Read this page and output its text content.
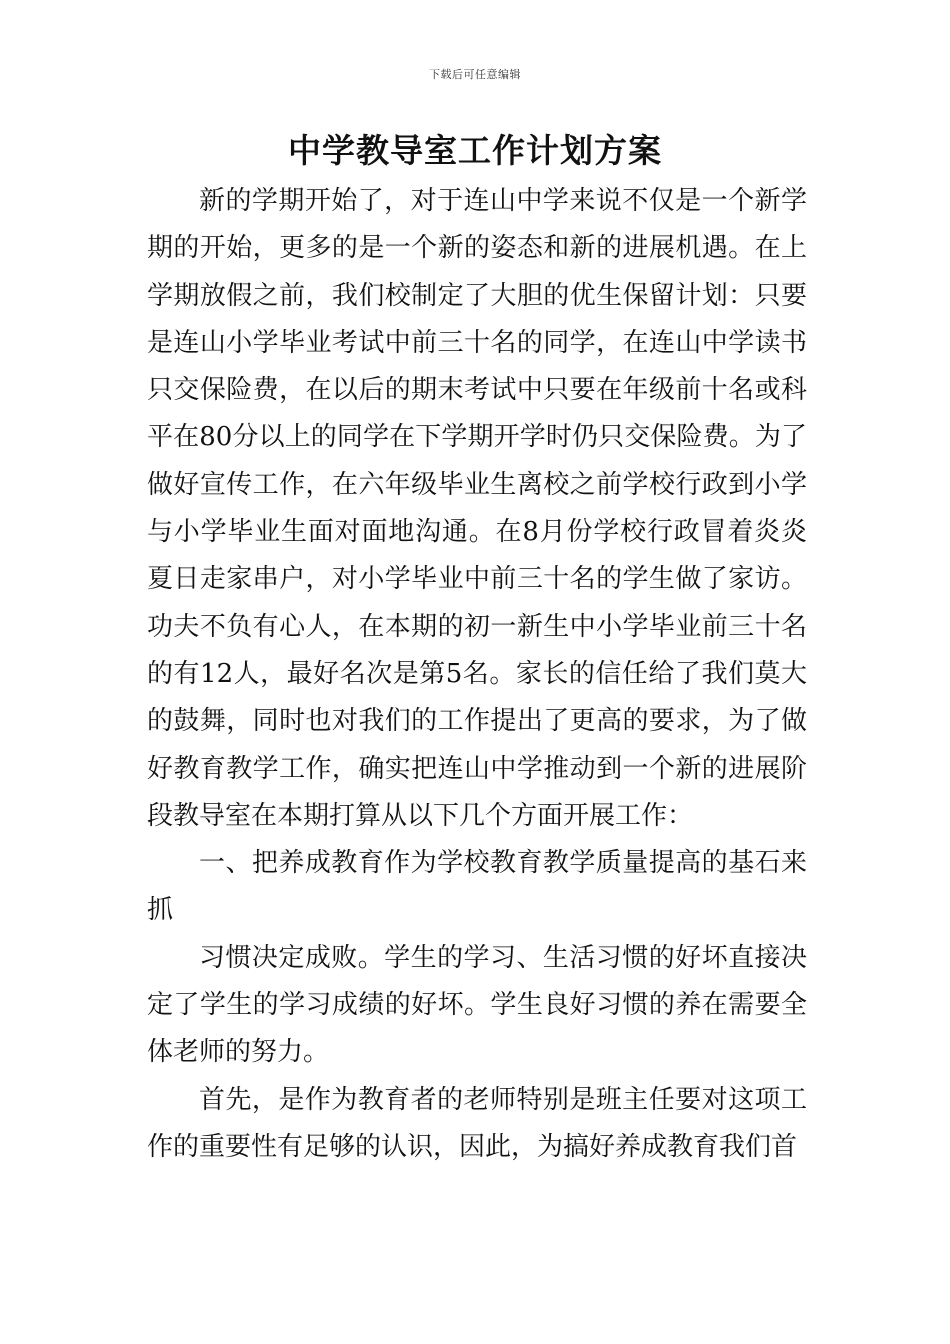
下载后可任意编辑
中学教导室工作计划方案

新的学期开始了，对于连山中学来说不仅是一个新学期的开始，更多的是一个新的姿态和新的进展机遇。在上学期放假之前，我们校制定了大胆的优生保留计划：只要是连山小学毕业考试中前三十名的同学，在连山中学读书只交保险费，在以后的期末考试中只要在年级前十名或科平在80分以上的同学在下学期开学时仍只交保险费。为了做好宣传工作，在六年级毕业生离校之前学校行政到小学与小学毕业生面对面地沟通。在8月份学校行政冒着炎炎夏日走家串户，对小学毕业中前三十名的学生做了家访。功夫不负有心人，在本期的初一新生中小学毕业前三十名的有12人，最好名次是第5名。家长的信任给了我们莫大的鼓舞，同时也对我们的工作提出了更高的要求，为了做好教育教学工作，确实把连山中学推动到一个新的进展阶段教导室在本期打算从以下几个方面开展工作：

一、把养成教育作为学校教育教学质量提高的基石来抓

习惯决定成败。学生的学习、生活习惯的好坏直接决定了学生的学习成绩的好坏。学生良好习惯的养在需要全体老师的努力。

首先，是作为教育者的老师特别是班主任要对这项工作的重要性有足够的认识，因此，为搞好养成教育我们首
